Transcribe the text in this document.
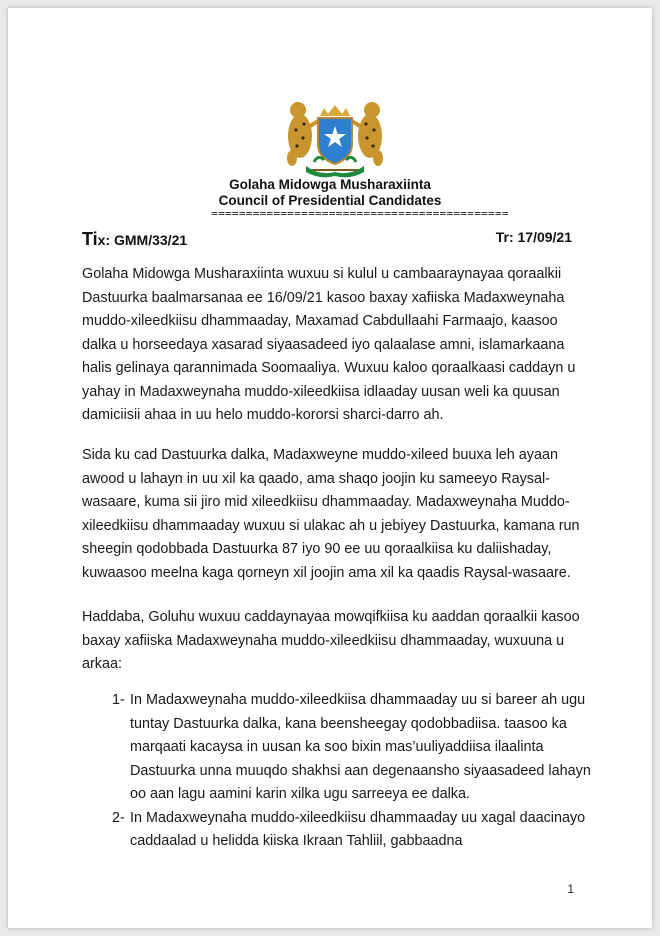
Golaha Midowga Musharaxiinta
Council of Presidential Candidates
===========================================
Tix: GMM/33/21	Tr: 17/09/21

Golaha Midowga Musharaxiinta wuxuu si kulul u cambaaraynayaa qoraalkii Dastuurka baalmarsanaa ee 16/09/21 kasoo baxay xafiiska Madaxweynaha muddo-xileedkiisu dhammaaday, Maxamad Cabdullaahi Farmaajo, kaasoo dalka u horseedaya xasarad siyaasadeed iyo qalaalase amni, islamarkaana halis gelinaya qarannimada Soomaaliya. Wuxuu kaloo qoraalkaasi caddayn u yahay in Madaxweynaha muddo-xileedkiisa idlaaday uusan weli ka quusan damiciisii ahaa in uu helo muddo-kororsi sharci-darro ah.

Sida ku cad Dastuurka dalka, Madaxweyne muddo-xileed buuxa leh ayaan awood u lahayn in uu xil ka qaado, ama shaqo joojin ku sameeyo Raysal-wasaare, kuma sii jiro mid xileedkiisu dhammaaday. Madaxweynaha Muddo-xileedkiisu dhammaaday wuxuu si ulakac ah u jebiyey Dastuurka, kamana run sheegin qodobbada Dastuurka 87 iyo 90 ee uu qoraalkiisa ku daliishaday, kuwaasoo meelna kaga qorneyn xil joojin ama xil ka qaadis Raysal-wasaare.

Haddaba, Goluhu wuxuu caddaynayaa mowqifkiisa ku aaddan qoraalkii kasoo baxay xafiiska Madaxweynaha muddo-xileedkiisu dhammaaday, wuxuuna u arkaa:

1- In Madaxweynaha muddo-xileedkiisa dhammaaday uu si bareer ah ugu tuntay Dastuurka dalka, kana beensheegay qodobbadiisa. taasoo ka marqaati kacaysa in uusan ka soo bixin mas’uuliyaddiisa ilaalinta Dastuurka unna muuqdo shakhsi aan degenaansho siyaasadeed lahayn oo aan lagu aamini karin xilka ugu sarreeya ee dalka.
2- In Madaxweynaha muddo-xileedkiisu dhammaaday uu xagal daacinayo caddaalad u helidda kiiska Ikraan Tahliil, gabbaadna
1
